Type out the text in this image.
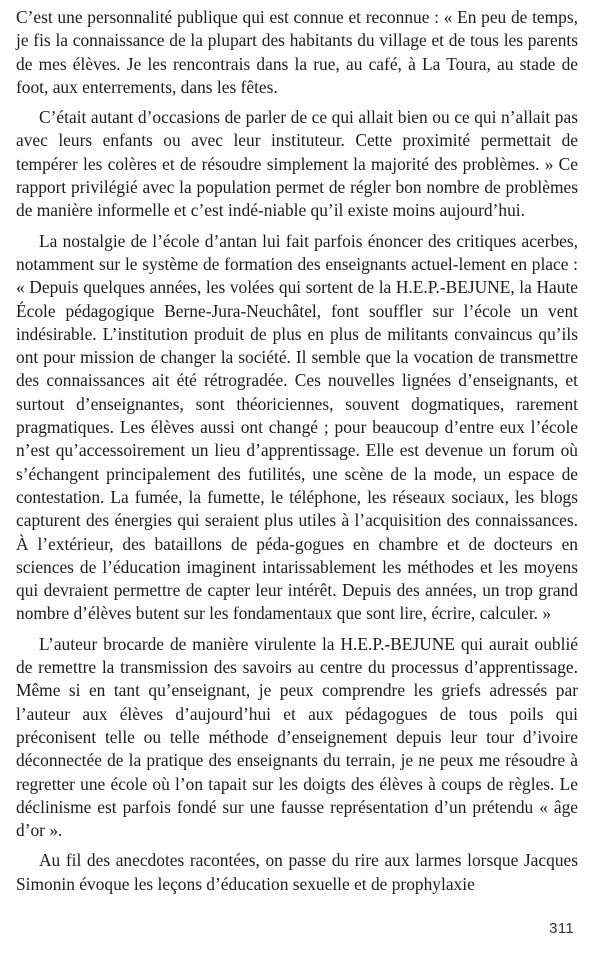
C’est une personnalité publique qui est connue et reconnue : « En peu de temps, je fis la connaissance de la plupart des habitants du village et de tous les parents de mes élèves. Je les rencontrais dans la rue, au café, à La Toura, au stade de foot, aux enterrements, dans les fêtes.

C’était autant d’occasions de parler de ce qui allait bien ou ce qui n’allait pas avec leurs enfants ou avec leur instituteur. Cette proximité permettait de tempérer les colères et de résoudre simplement la majorité des problèmes. » Ce rapport privilégié avec la population permet de régler bon nombre de problèmes de manière informelle et c’est indé-niable qu’il existe moins aujourd’hui.

La nostalgie de l’école d’antan lui fait parfois énoncer des critiques acerbes, notamment sur le système de formation des enseignants actuel-lement en place : « Depuis quelques années, les volées qui sortent de la H.E.P.-BEJUNE, la Haute École pédagogique Berne-Jura-Neuchâtel, font souffler sur l’école un vent indésirable. L’institution produit de plus en plus de militants convaincus qu’ils ont pour mission de changer la société. Il semble que la vocation de transmettre des connaissances ait été rétrogradée. Ces nouvelles lignées d’enseignants, et surtout d’enseignantes, sont théoriciennes, souvent dogmatiques, rarement pragmatiques. Les élèves aussi ont changé ; pour beaucoup d’entre eux l’école n’est qu’accessoirement un lieu d’apprentissage. Elle est devenue un forum où s’échangent principalement des futilités, une scène de la mode, un espace de contestation. La fumée, la fumette, le téléphone, les réseaux sociaux, les blogs capturent des énergies qui seraient plus utiles à l’acquisition des connaissances. À l’extérieur, des bataillons de péda-gogues en chambre et de docteurs en sciences de l’éducation imaginent intarissablement les méthodes et les moyens qui devraient permettre de capter leur intérêt. Depuis des années, un trop grand nombre d’élèves butent sur les fondamentaux que sont lire, écrire, calculer. »

L’auteur brocarde de manière virulente la H.E.P.-BEJUNE qui aurait oublié de remettre la transmission des savoirs au centre du processus d’apprentissage. Même si en tant qu’enseignant, je peux comprendre les griefs adressés par l’auteur aux élèves d’aujourd’hui et aux pédagogues de tous poils qui préconisent telle ou telle méthode d’enseignement depuis leur tour d’ivoire déconnectée de la pratique des enseignants du terrain, je ne peux me résoudre à regretter une école où l’on tapait sur les doigts des élèves à coups de règles. Le déclinisme est parfois fondé sur une fausse représentation d’un prétendu « âge d’or ».

Au fil des anecdotes racontées, on passe du rire aux larmes lorsque Jacques Simonin évoque les leçons d’éducation sexuelle et de prophylaxie

311
